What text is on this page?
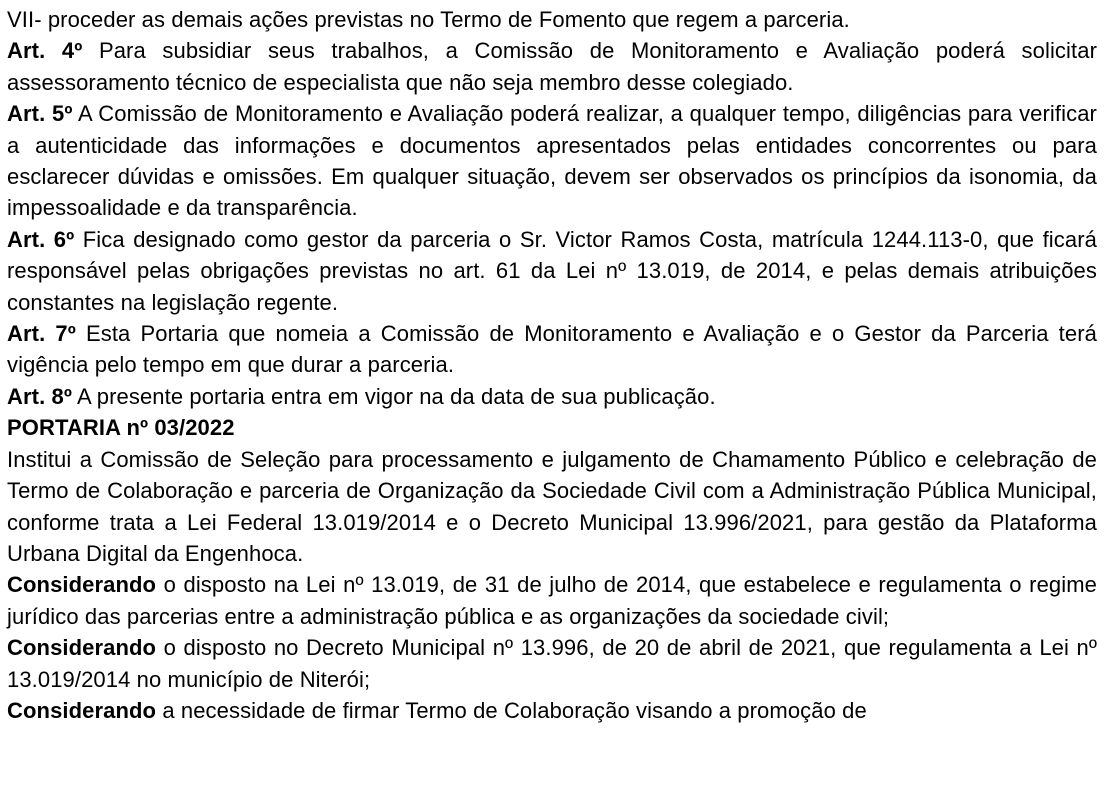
VII- proceder as demais ações previstas no Termo de Fomento que regem a parceria.

Art. 4º Para subsidiar seus trabalhos, a Comissão de Monitoramento e Avaliação poderá solicitar assessoramento técnico de especialista que não seja membro desse colegiado.

Art. 5º A Comissão de Monitoramento e Avaliação poderá realizar, a qualquer tempo, diligências para verificar a autenticidade das informações e documentos apresentados pelas entidades concorrentes ou para esclarecer dúvidas e omissões. Em qualquer situação, devem ser observados os princípios da isonomia, da impessoalidade e da transparência.

Art. 6º Fica designado como gestor da parceria o Sr. Victor Ramos Costa, matrícula 1244.113-0, que ficará responsável pelas obrigações previstas no art. 61 da Lei nº 13.019, de 2014, e pelas demais atribuições constantes na legislação regente.

Art. 7º Esta Portaria que nomeia a Comissão de Monitoramento e Avaliação e o Gestor da Parceria terá vigência pelo tempo em que durar a parceria.

Art. 8º A presente portaria entra em vigor na da data de sua publicação.

PORTARIA nº 03/2022

Institui a Comissão de Seleção para processamento e julgamento de Chamamento Público e celebração de Termo de Colaboração e parceria de Organização da Sociedade Civil com a Administração Pública Municipal, conforme trata a Lei Federal 13.019/2014 e o Decreto Municipal 13.996/2021, para gestão da Plataforma Urbana Digital da Engenhoca.

Considerando o disposto na Lei nº 13.019, de 31 de julho de 2014, que estabelece e regulamenta o regime jurídico das parcerias entre a administração pública e as organizações da sociedade civil;

Considerando o disposto no Decreto Municipal nº 13.996, de 20 de abril de 2021, que regulamenta a Lei nº 13.019/2014 no município de Niterói;

Considerando a necessidade de firmar Termo de Colaboração visando a promoção de
